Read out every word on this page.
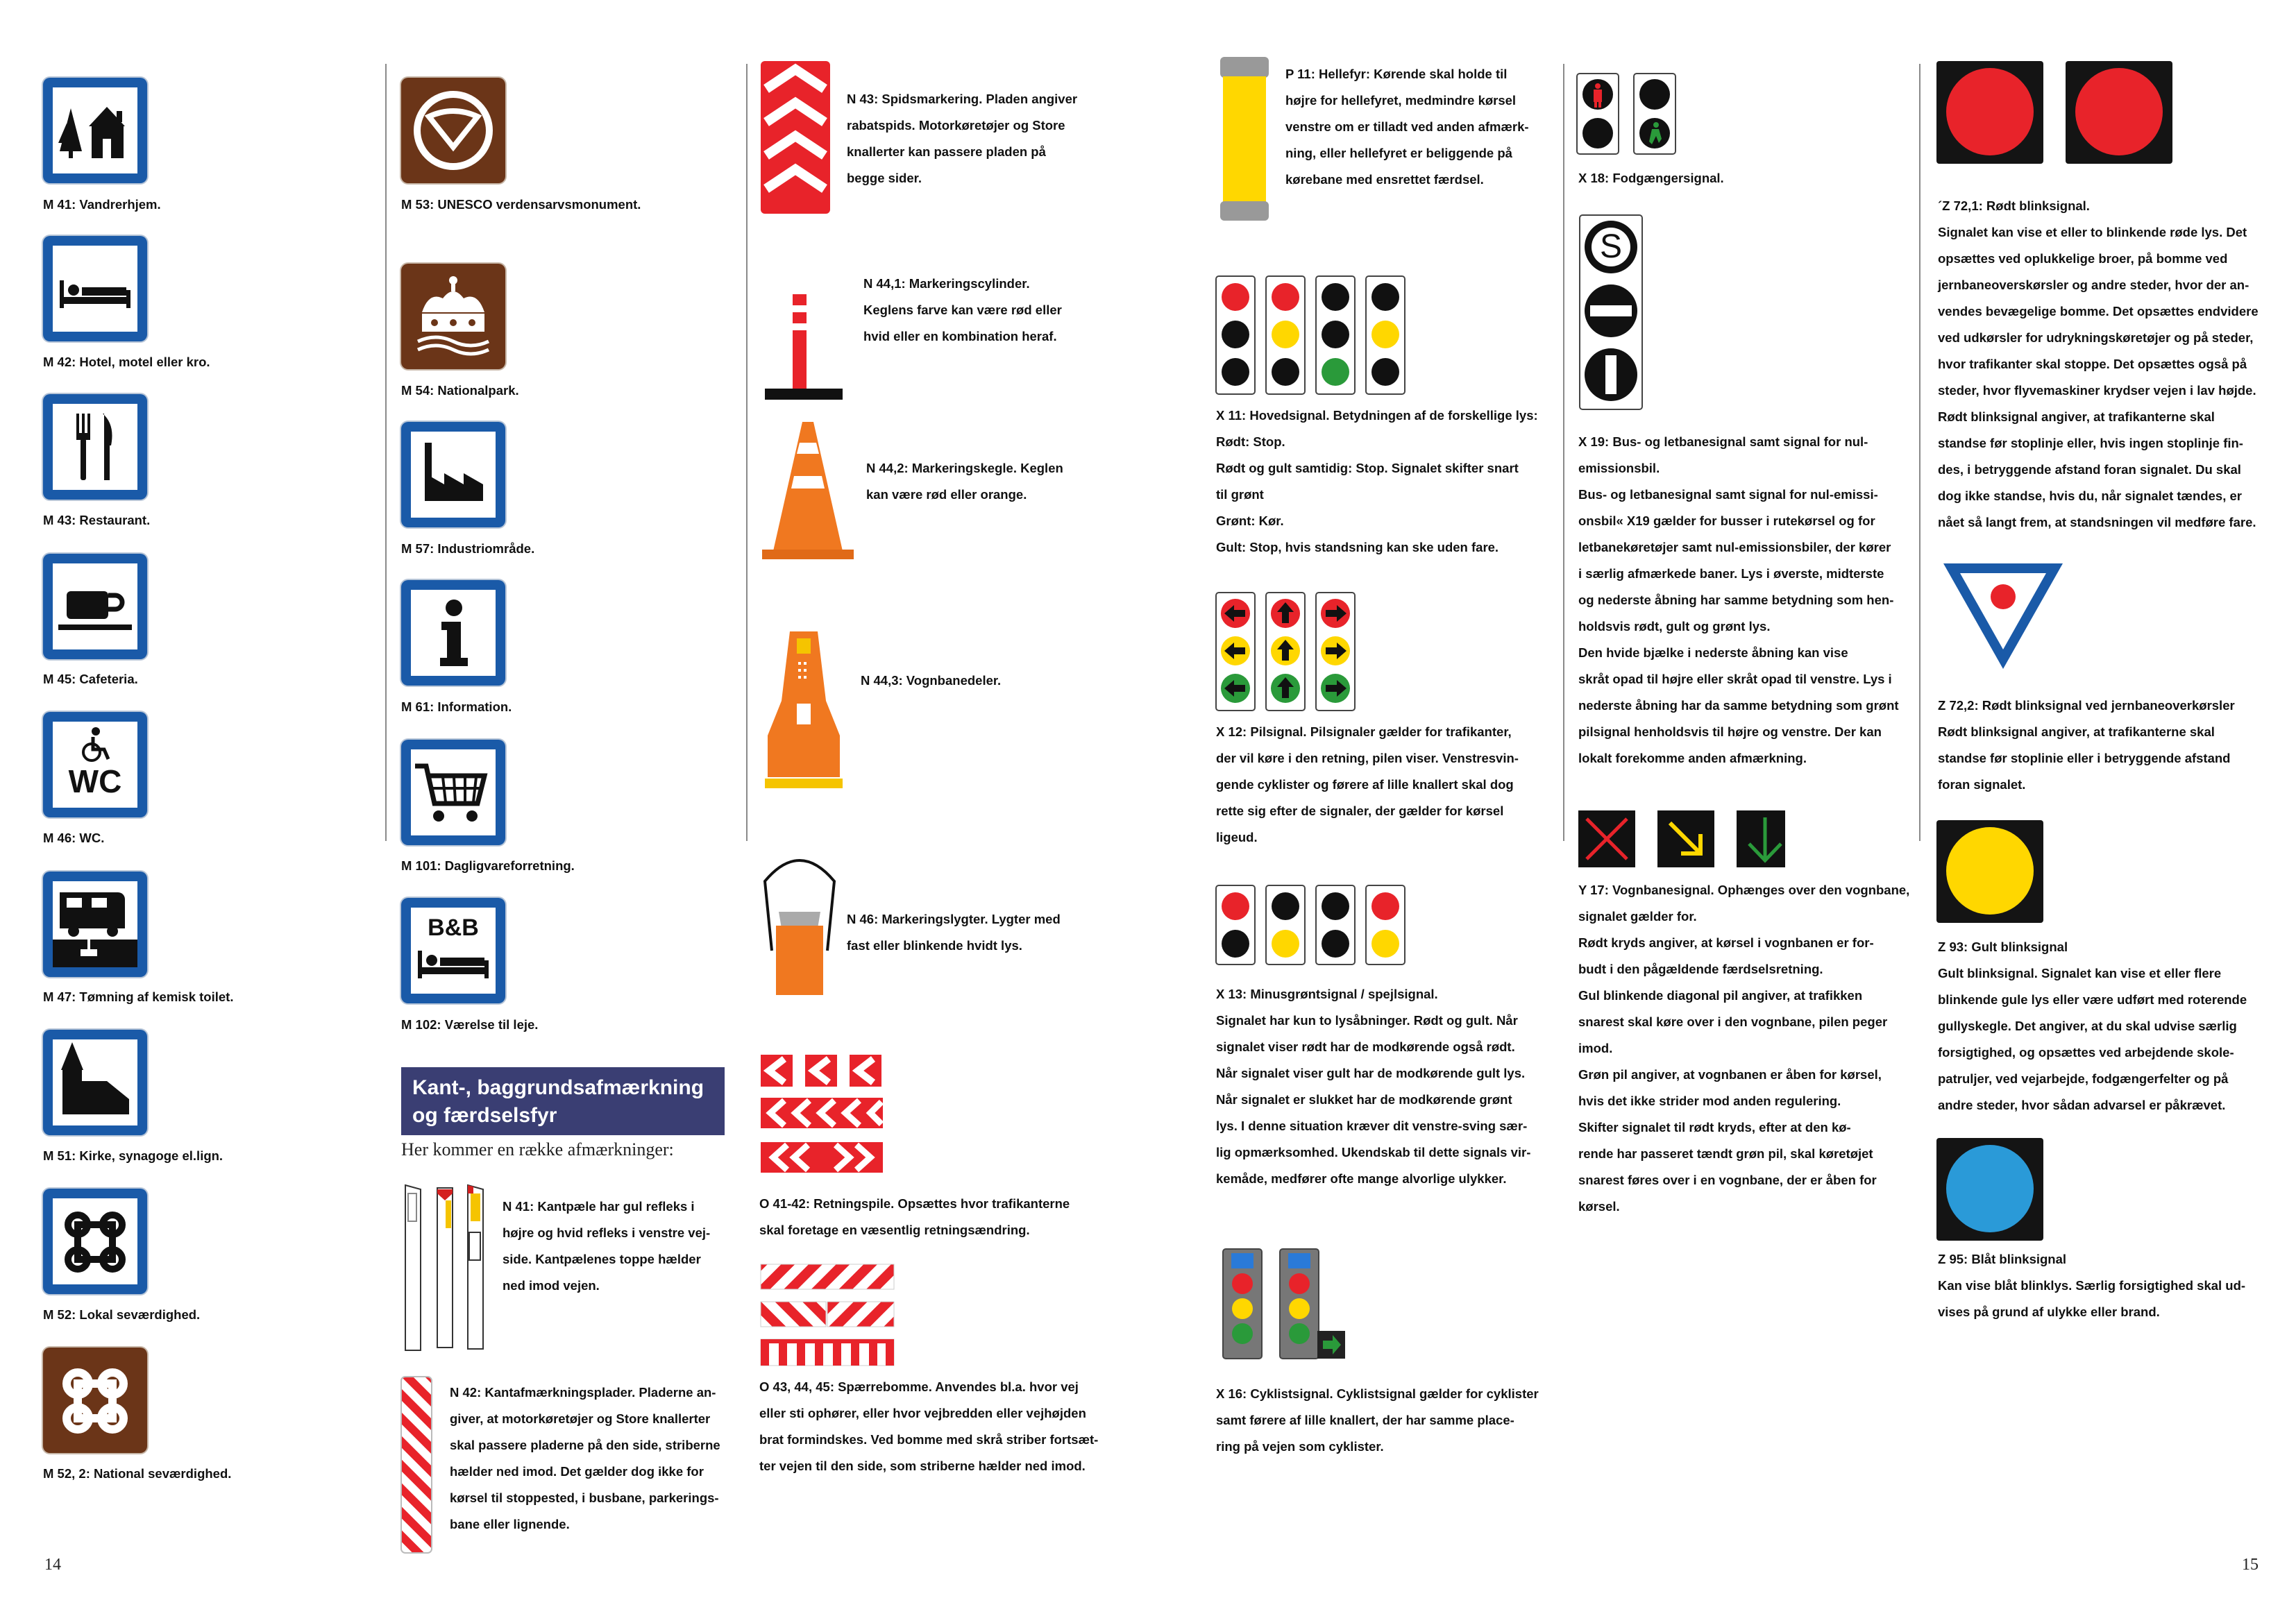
14	15
M 41: Vandrerhjem.
M 42: Hotel, motel eller kro.
M 43: Restaurant.
M 45: Cafeteria.
WC
M 46: WC.
M 47: Tømning af kemisk toilet.
M 51: Kirke, synagoge el.lign.
M 52: Lokal seværdighed.
M 52, 2: National seværdighed.
M 53: UNESCO verdensarvsmonument.
M 54: Nationalpark.
M 57: Industriområde.
M 61: Information.
M 101: Dagligvareforretning.
B&B
M 102: Værelse til leje.
Kant-, baggrundsafmærkning
og færdselsfyr
Her kommer en række afmærkninger:
N 41: Kantpæle har gul refleks i
højre og hvid refleks i venstre vej-
side. Kantpælenes toppe hælder
ned imod vejen.
N 42: Kantafmærkningsplader. Pladerne an-
giver, at motorkøretøjer og Store knallerter
skal passere pladerne på den side, striberne
hælder ned imod. Det gælder dog ikke for
kørsel til stoppested, i busbane, parkerings-
bane eller lignende.
N 43: Spidsmarkering. Pladen angiver
rabatspids. Motorkøretøjer og Store
knallerter kan passere pladen på
begge sider.
N 44,1: Markeringscylinder.
Keglens farve kan være rød eller
hvid eller en kombination heraf.
N 44,2: Markeringskegle. Keglen
kan være rød eller orange.
N 44,3: Vognbanedeler.
N 46: Markeringslygter. Lygter med
fast eller blinkende hvidt lys.
O 41-42: Retningspile. Opsættes hvor trafikanterne
skal foretage en væsentlig retningsændring.
O 43, 44, 45: Spærrebomme. Anvendes bl.a. hvor vej
eller sti ophører, eller hvor vejbredden eller vejhøjden
brat formindskes. Ved bomme med skrå striber fortsæt-
ter vejen til den side, som striberne hælder ned imod.
P 11: Hellefyr: Kørende skal holde til
højre for hellefyret, medmindre kørsel
venstre om er tilladt ved anden afmærk-
ning, eller hellefyret er beliggende på
kørebane med ensrettet færdsel.
X 11: Hovedsignal. Betydningen af de forskellige lys:
Rødt: Stop.
Rødt og gult samtidig: Stop. Signalet skifter snart
til grønt
Grønt: Kør.
Gult: Stop, hvis standsning kan ske uden fare.
X 12: Pilsignal. Pilsignaler gælder for trafikanter,
der vil køre i den retning, pilen viser. Venstresvin-
gende cyklister og førere af lille knallert skal dog
rette sig efter de signaler, der gælder for kørsel
ligeud.
X 13: Minusgrøntsignal / spejlsignal.
Signalet har kun to lysåbninger. Rødt og gult. Når
signalet viser rødt har de modkørende også rødt.
Når signalet viser gult har de modkørende gult lys.
Når signalet er slukket har de modkørende grønt
lys. I denne situation kræver dit venstre-sving sær-
lig opmærksomhed. Ukendskab til dette signals vir-
kemåde, medfører ofte mange alvorlige ulykker.
X 16: Cyklistsignal. Cyklistsignal gælder for cyklister
samt førere af lille knallert, der har samme place-
ring på vejen som cyklister.
X 18: Fodgængersignal.
S
X 19: Bus- og letbanesignal samt signal for nul-
emissionsbil.
Bus- og letbanesignal samt signal for nul-emissi-
onsbil« X19 gælder for busser i rutekørsel og for
letbanekøretøjer samt nul-emissionsbiler, der kører
i særlig afmærkede baner. Lys i øverste, midterste
og nederste åbning har samme betydning som hen-
holdsvis rødt, gult og grønt lys.
Den hvide bjælke i nederste åbning kan vise
skråt opad til højre eller skråt opad til venstre. Lys i
nederste åbning har da samme betydning som grønt
pilsignal henholdsvis til højre og venstre. Der kan
lokalt forekomme anden afmærkning.
Y 17: Vognbanesignal. Ophænges over den vognbane,
signalet gælder for.
Rødt kryds angiver, at kørsel i vognbanen er for-
budt i den pågældende færdselsretning.
Gul blinkende diagonal pil angiver, at trafikken
snarest skal køre over i den vognbane, pilen peger
imod.
Grøn pil angiver, at vognbanen er åben for kørsel,
hvis det ikke strider mod anden regulering.
Skifter signalet til rødt kryds, efter at den kø-
rende har passeret tændt grøn pil, skal køretøjet
snarest føres over i en vognbane, der er åben for
kørsel.
´Z 72,1: Rødt blinksignal.
Signalet kan vise et eller to blinkende røde lys. Det
opsættes ved oplukkelige broer, på bomme ved
jernbaneoverskørsler og andre steder, hvor der an-
vendes bevægelige bomme. Det opsættes endvidere
ved udkørsler for udrykningskøretøjer og på steder,
hvor trafikanter skal stoppe. Det opsættes også på
steder, hvor flyvemaskiner krydser vejen i lav højde.
Rødt blinksignal angiver, at trafikanterne skal
standse før stoplinje eller, hvis ingen stoplinje fin-
des, i betryggende afstand foran signalet. Du skal
dog ikke standse, hvis du, når signalet tændes, er
nået så langt frem, at standsningen vil medføre fare.
Z 72,2: Rødt blinksignal ved jernbaneoverkørsler
Rødt blinksignal angiver, at trafikanterne skal
standse før stoplinie eller i betryggende afstand
foran signalet.
Z 93: Gult blinksignal
Gult blinksignal. Signalet kan vise et eller flere
blinkende gule lys eller være udført med roterende
gullyskegle. Det angiver, at du skal udvise særlig
forsigtighed, og opsættes ved arbejdende skole-
patruljer, ved vejarbejde, fodgængerfelter og på
andre steder, hvor sådan advarsel er påkrævet.
Z 95: Blåt blinksignal
Kan vise blåt blinklys. Særlig forsigtighed skal ud-
vises på grund af ulykke eller brand.
